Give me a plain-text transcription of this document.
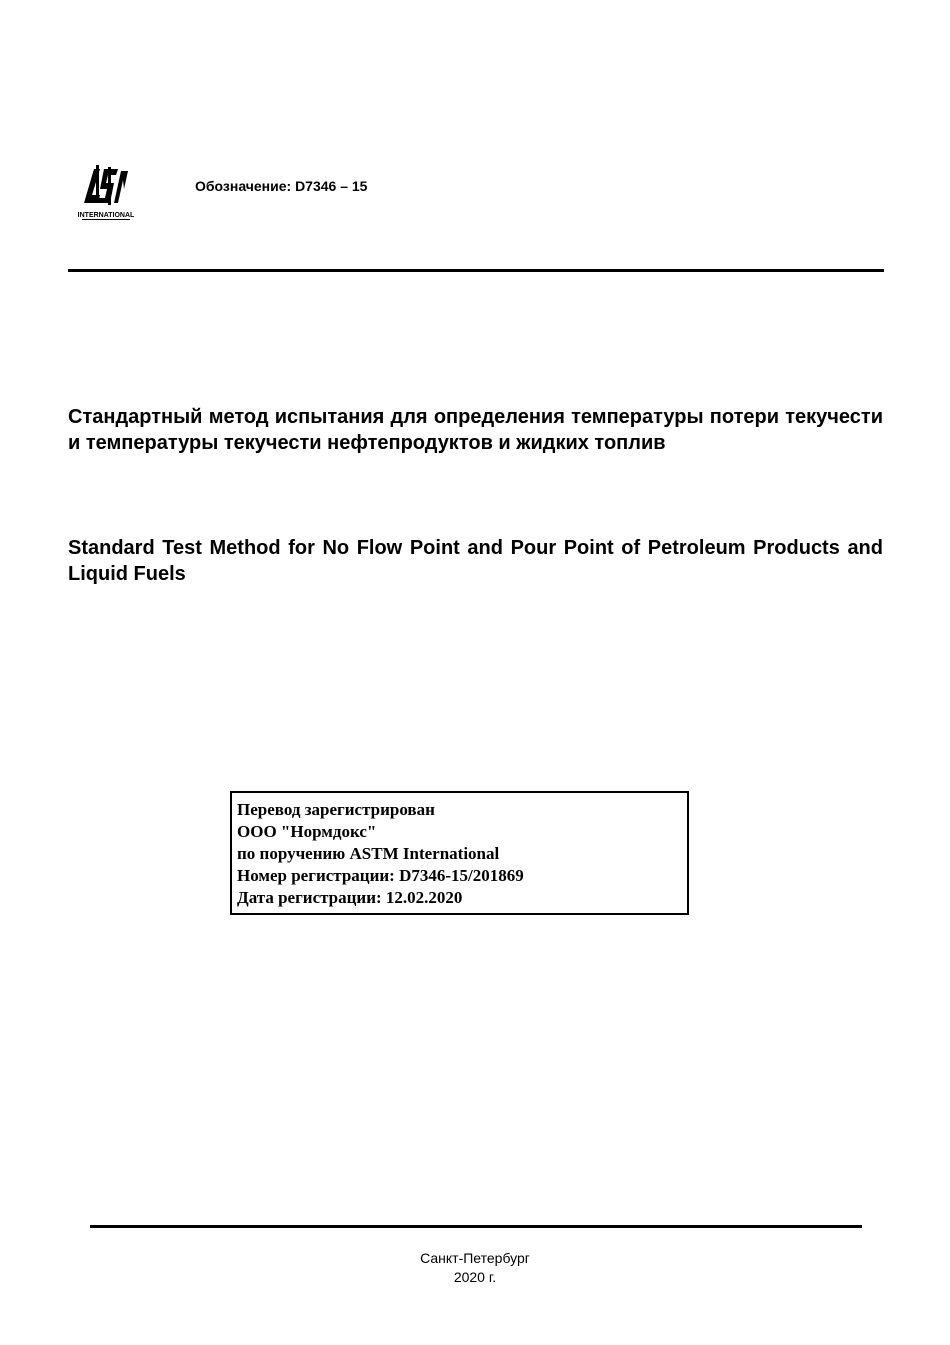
INTERNATIONAL
Обозначение: D7346 – 15

Стандартный метод испытания для определения температуры потери текучести и температуры текучести нефтепродуктов и жидких топлив

Standard Test Method for No Flow Point and Pour Point of Petroleum Products and Liquid Fuels

Перевод зарегистрирован
ООО "Нормдокс"
по поручению ASTM International
Номер регистрации: D7346-15/201869
Дата регистрации: 12.02.2020
Санкт-Петербург
2020 г.
